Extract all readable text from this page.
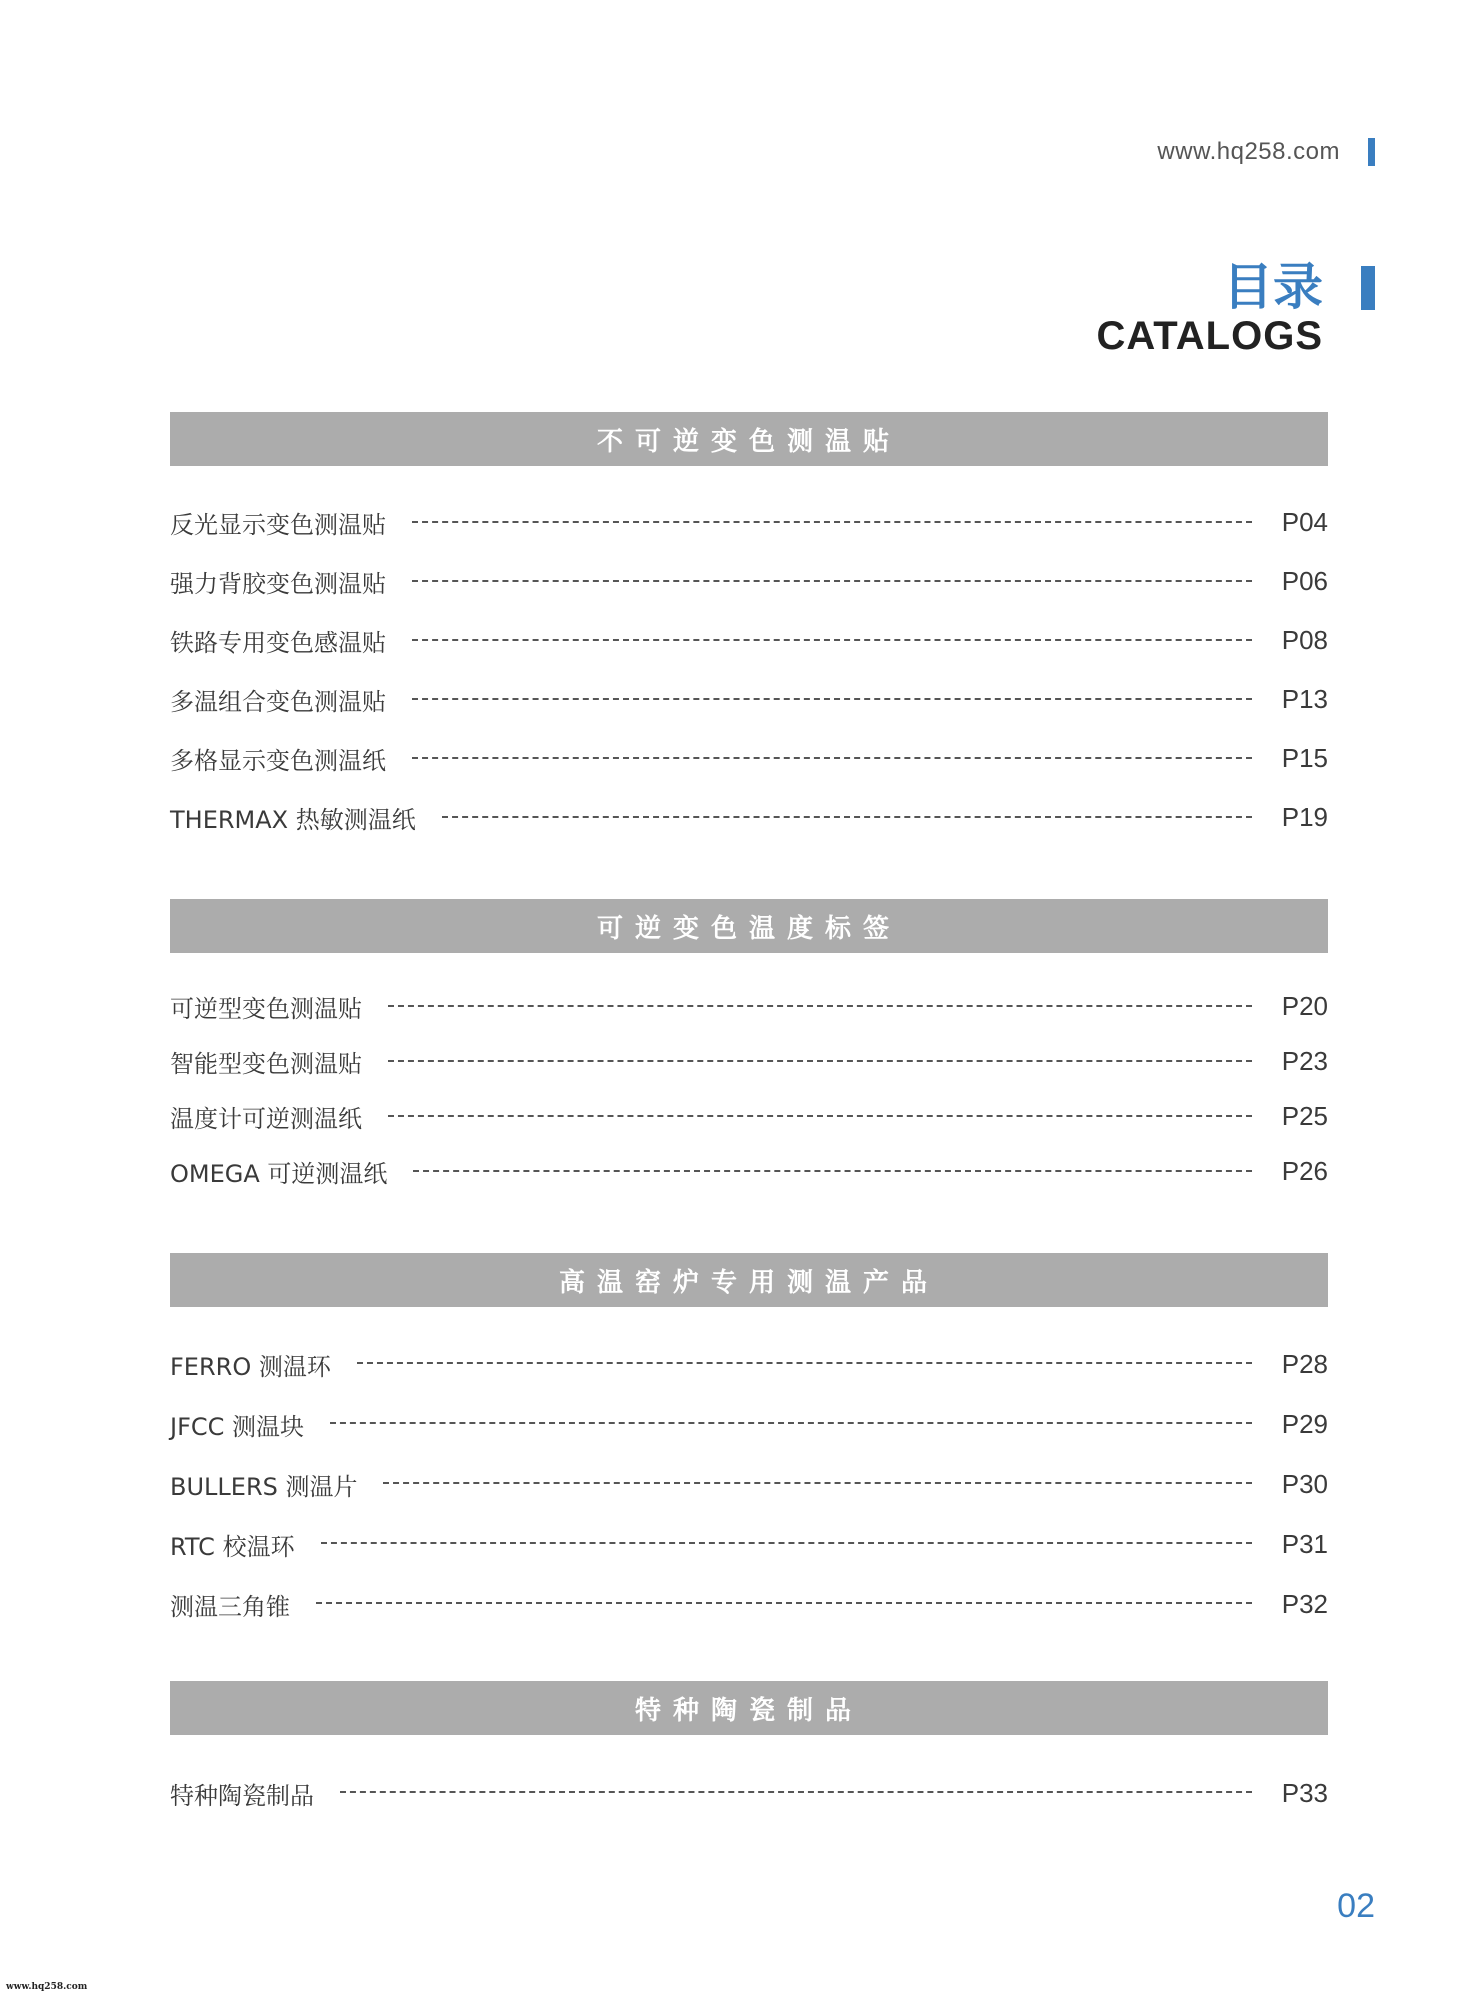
www.hq258.com
目录
CATALOGS
不可逆变色测温贴
反光显示变色测温贴	P04
强力背胶变色测温贴	P06
铁路专用变色感温贴	P08
多温组合变色测温贴	P13
多格显示变色测温纸	P15
THERMAX 热敏测温纸	P19
可逆变色温度标签
可逆型变色测温贴	P20
智能型变色测温贴	P23
温度计可逆测温纸	P25
OMEGA 可逆测温纸	P26
高温窑炉专用测温产品
FERRO 测温环	P28
JFCC 测温块	P29
BULLERS 测温片	P30
RTC 校温环	P31
测温三角锥	P32
特种陶瓷制品
特种陶瓷制品	P33
02
www.hq258.com
